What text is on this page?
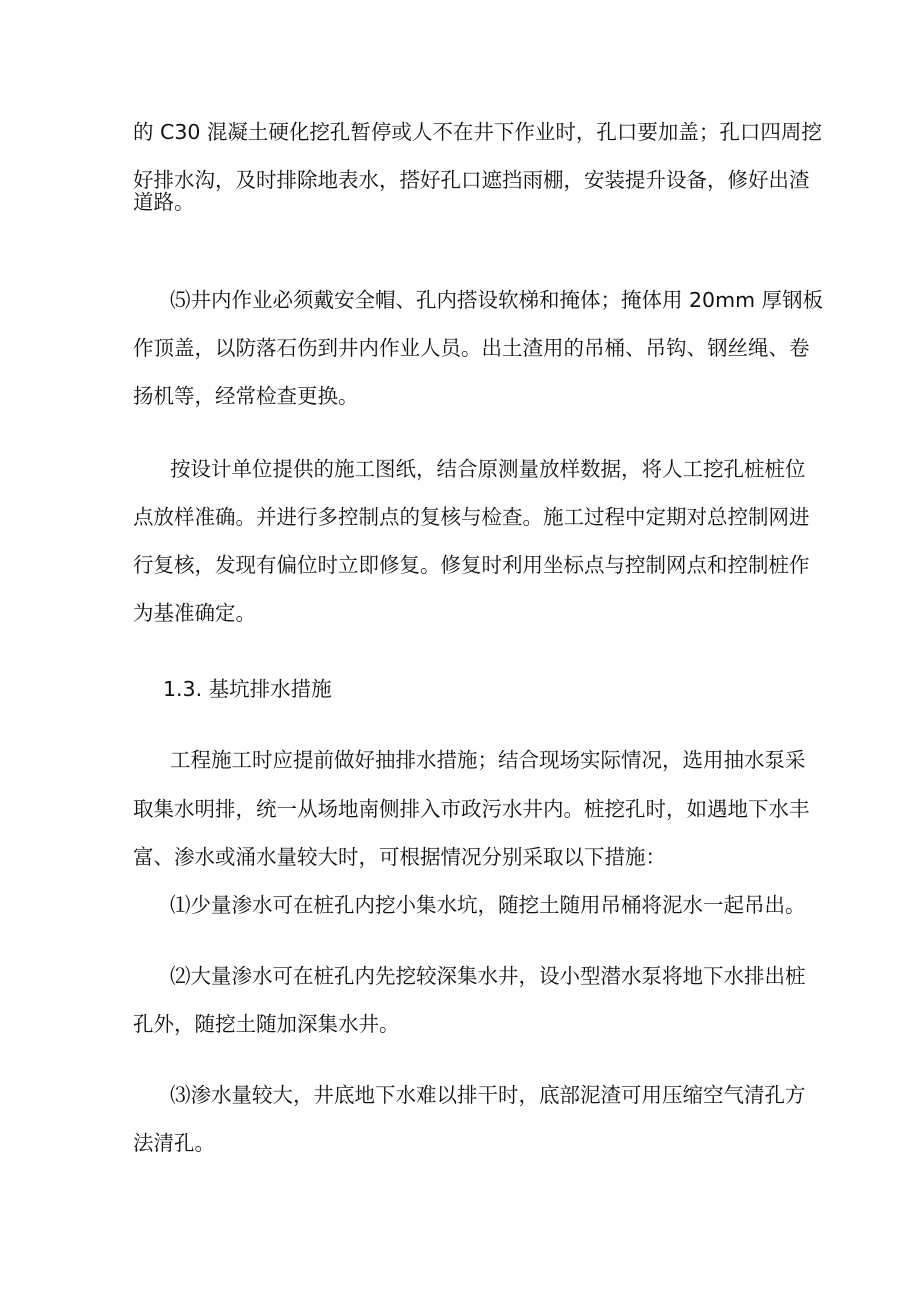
的 C30 混凝土硬化挖孔暂停或人不在井下作业时，孔口要加盖；孔口四周挖
好排水沟，及时排除地表水，搭好孔口遮挡雨棚，安装提升设备，修好出渣
道路。
⑸井内作业必须戴安全帽、孔内搭设软梯和掩体；掩体用 20mm 厚钢板
作顶盖，以防落石伤到井内作业人员。出土渣用的吊桶、吊钩、钢丝绳、卷
扬机等，经常检查更换。
按设计单位提供的施工图纸，结合原测量放样数据，将人工挖孔桩桩位
点放样准确。并进行多控制点的复核与检查。施工过程中定期对总控制网进
行复核，发现有偏位时立即修复。修复时利用坐标点与控制网点和控制桩作
为基准确定。
1.3. 基坑排水措施
工程施工时应提前做好抽排水措施；结合现场实际情况，选用抽水泵采
取集水明排，统一从场地南侧排入市政污水井内。桩挖孔时，如遇地下水丰
富、渗水或涌水量较大时，可根据情况分别采取以下措施：
⑴少量渗水可在桩孔内挖小集水坑，随挖土随用吊桶将泥水一起吊出。
⑵大量渗水可在桩孔内先挖较深集水井，设小型潜水泵将地下水排出桩
孔外，随挖土随加深集水井。
⑶渗水量较大，井底地下水难以排干时，底部泥渣可用压缩空气清孔方
法清孔。
